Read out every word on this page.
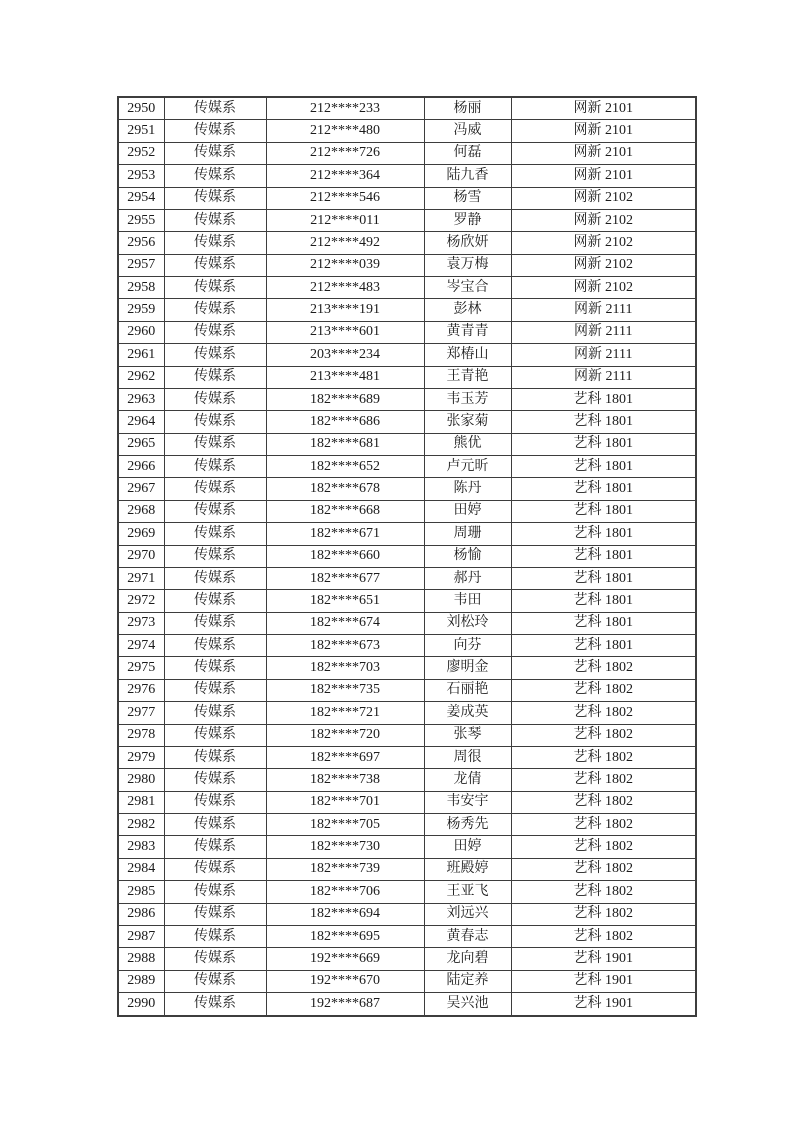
2950	传媒系	212****233	杨丽	网新 2101
2951	传媒系	212****480	冯威	网新 2101
2952	传媒系	212****726	何磊	网新 2101
2953	传媒系	212****364	陆九香	网新 2101
2954	传媒系	212****546	杨雪	网新 2102
2955	传媒系	212****011	罗静	网新 2102
2956	传媒系	212****492	杨欣妍	网新 2102
2957	传媒系	212****039	袁万梅	网新 2102
2958	传媒系	212****483	岑宝合	网新 2102
2959	传媒系	213****191	彭林	网新 2111
2960	传媒系	213****601	黄青青	网新 2111
2961	传媒系	203****234	郑椿山	网新 2111
2962	传媒系	213****481	王青艳	网新 2111
2963	传媒系	182****689	韦玉芳	艺科 1801
2964	传媒系	182****686	张家菊	艺科 1801
2965	传媒系	182****681	熊优	艺科 1801
2966	传媒系	182****652	卢元昕	艺科 1801
2967	传媒系	182****678	陈丹	艺科 1801
2968	传媒系	182****668	田婷	艺科 1801
2969	传媒系	182****671	周珊	艺科 1801
2970	传媒系	182****660	杨愉	艺科 1801
2971	传媒系	182****677	郝丹	艺科 1801
2972	传媒系	182****651	韦田	艺科 1801
2973	传媒系	182****674	刘松玲	艺科 1801
2974	传媒系	182****673	向芬	艺科 1801
2975	传媒系	182****703	廖明金	艺科 1802
2976	传媒系	182****735	石丽艳	艺科 1802
2977	传媒系	182****721	姜成英	艺科 1802
2978	传媒系	182****720	张琴	艺科 1802
2979	传媒系	182****697	周很	艺科 1802
2980	传媒系	182****738	龙倩	艺科 1802
2981	传媒系	182****701	韦安宇	艺科 1802
2982	传媒系	182****705	杨秀先	艺科 1802
2983	传媒系	182****730	田婷	艺科 1802
2984	传媒系	182****739	班殿婷	艺科 1802
2985	传媒系	182****706	王亚飞	艺科 1802
2986	传媒系	182****694	刘远兴	艺科 1802
2987	传媒系	182****695	黄春志	艺科 1802
2988	传媒系	192****669	龙向碧	艺科 1901
2989	传媒系	192****670	陆定养	艺科 1901
2990	传媒系	192****687	吴兴池	艺科 1901
